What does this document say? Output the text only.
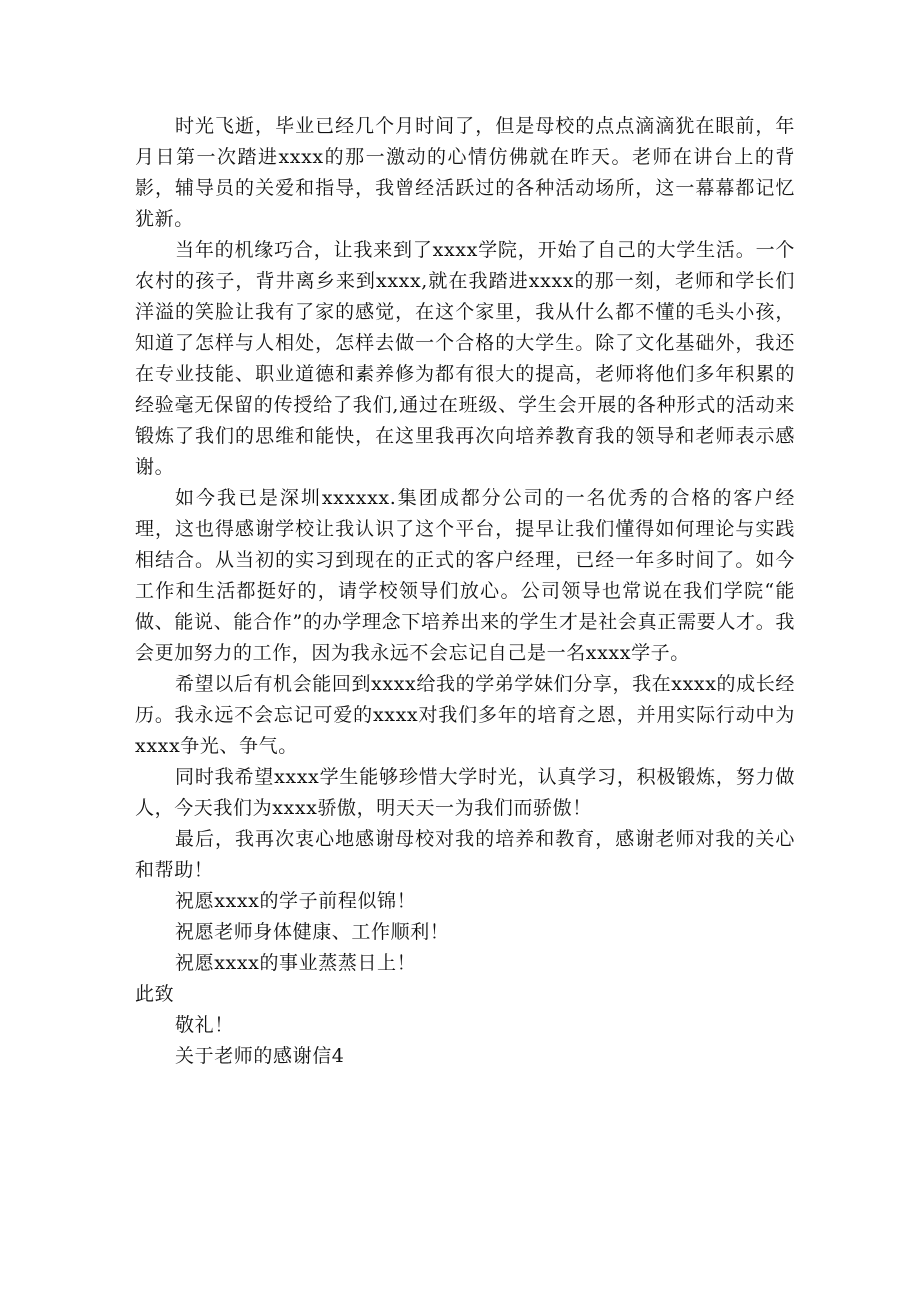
时光飞逝，毕业已经几个月时间了，但是母校的点点滴滴犹在眼前，年月日第一次踏进xxxx的那一激动的心情仿佛就在昨天。老师在讲台上的背影，辅导员的关爱和指导，我曾经活跃过的各种活动场所，这一幕幕都记忆犹新。

当年的机缘巧合，让我来到了xxxx学院，开始了自己的大学生活。一个农村的孩子，背井离乡来到xxxx,就在我踏进xxxx的那一刻，老师和学长们洋溢的笑脸让我有了家的感觉，在这个家里，我从什么都不懂的毛头小孩，知道了怎样与人相处，怎样去做一个合格的大学生。除了文化基础外，我还在专业技能、职业道德和素养修为都有很大的提高，老师将他们多年积累的经验毫无保留的传授给了我们,通过在班级、学生会开展的各种形式的活动来锻炼了我们的思维和能快，在这里我再次向培养教育我的领导和老师表示感谢。

如今我已是深圳xxxxxx.集团成都分公司的一名优秀的合格的客户经理，这也得感谢学校让我认识了这个平台，提早让我们懂得如何理论与实践相结合。从当初的实习到现在的正式的客户经理，已经一年多时间了。如今工作和生活都挺好的，请学校领导们放心。公司领导也常说在我们学院“能做、能说、能合作”的办学理念下培养出来的学生才是社会真正需要人才。我会更加努力的工作，因为我永远不会忘记自己是一名xxxx学子。

希望以后有机会能回到xxxx给我的学弟学妹们分享，我在xxxx的成长经历。我永远不会忘记可爱的xxxx对我们多年的培育之恩，并用实际行动中为xxxx争光、争气。

同时我希望xxxx学生能够珍惜大学时光，认真学习，积极锻炼，努力做人，今天我们为xxxx骄傲，明天天一为我们而骄傲！

最后，我再次衷心地感谢母校对我的培养和教育，感谢老师对我的关心和帮助！

祝愿xxxx的学子前程似锦！

祝愿老师身体健康、工作顺利！

祝愿xxxx的事业蒸蒸日上！

此致

敬礼！

关于老师的感谢信4
